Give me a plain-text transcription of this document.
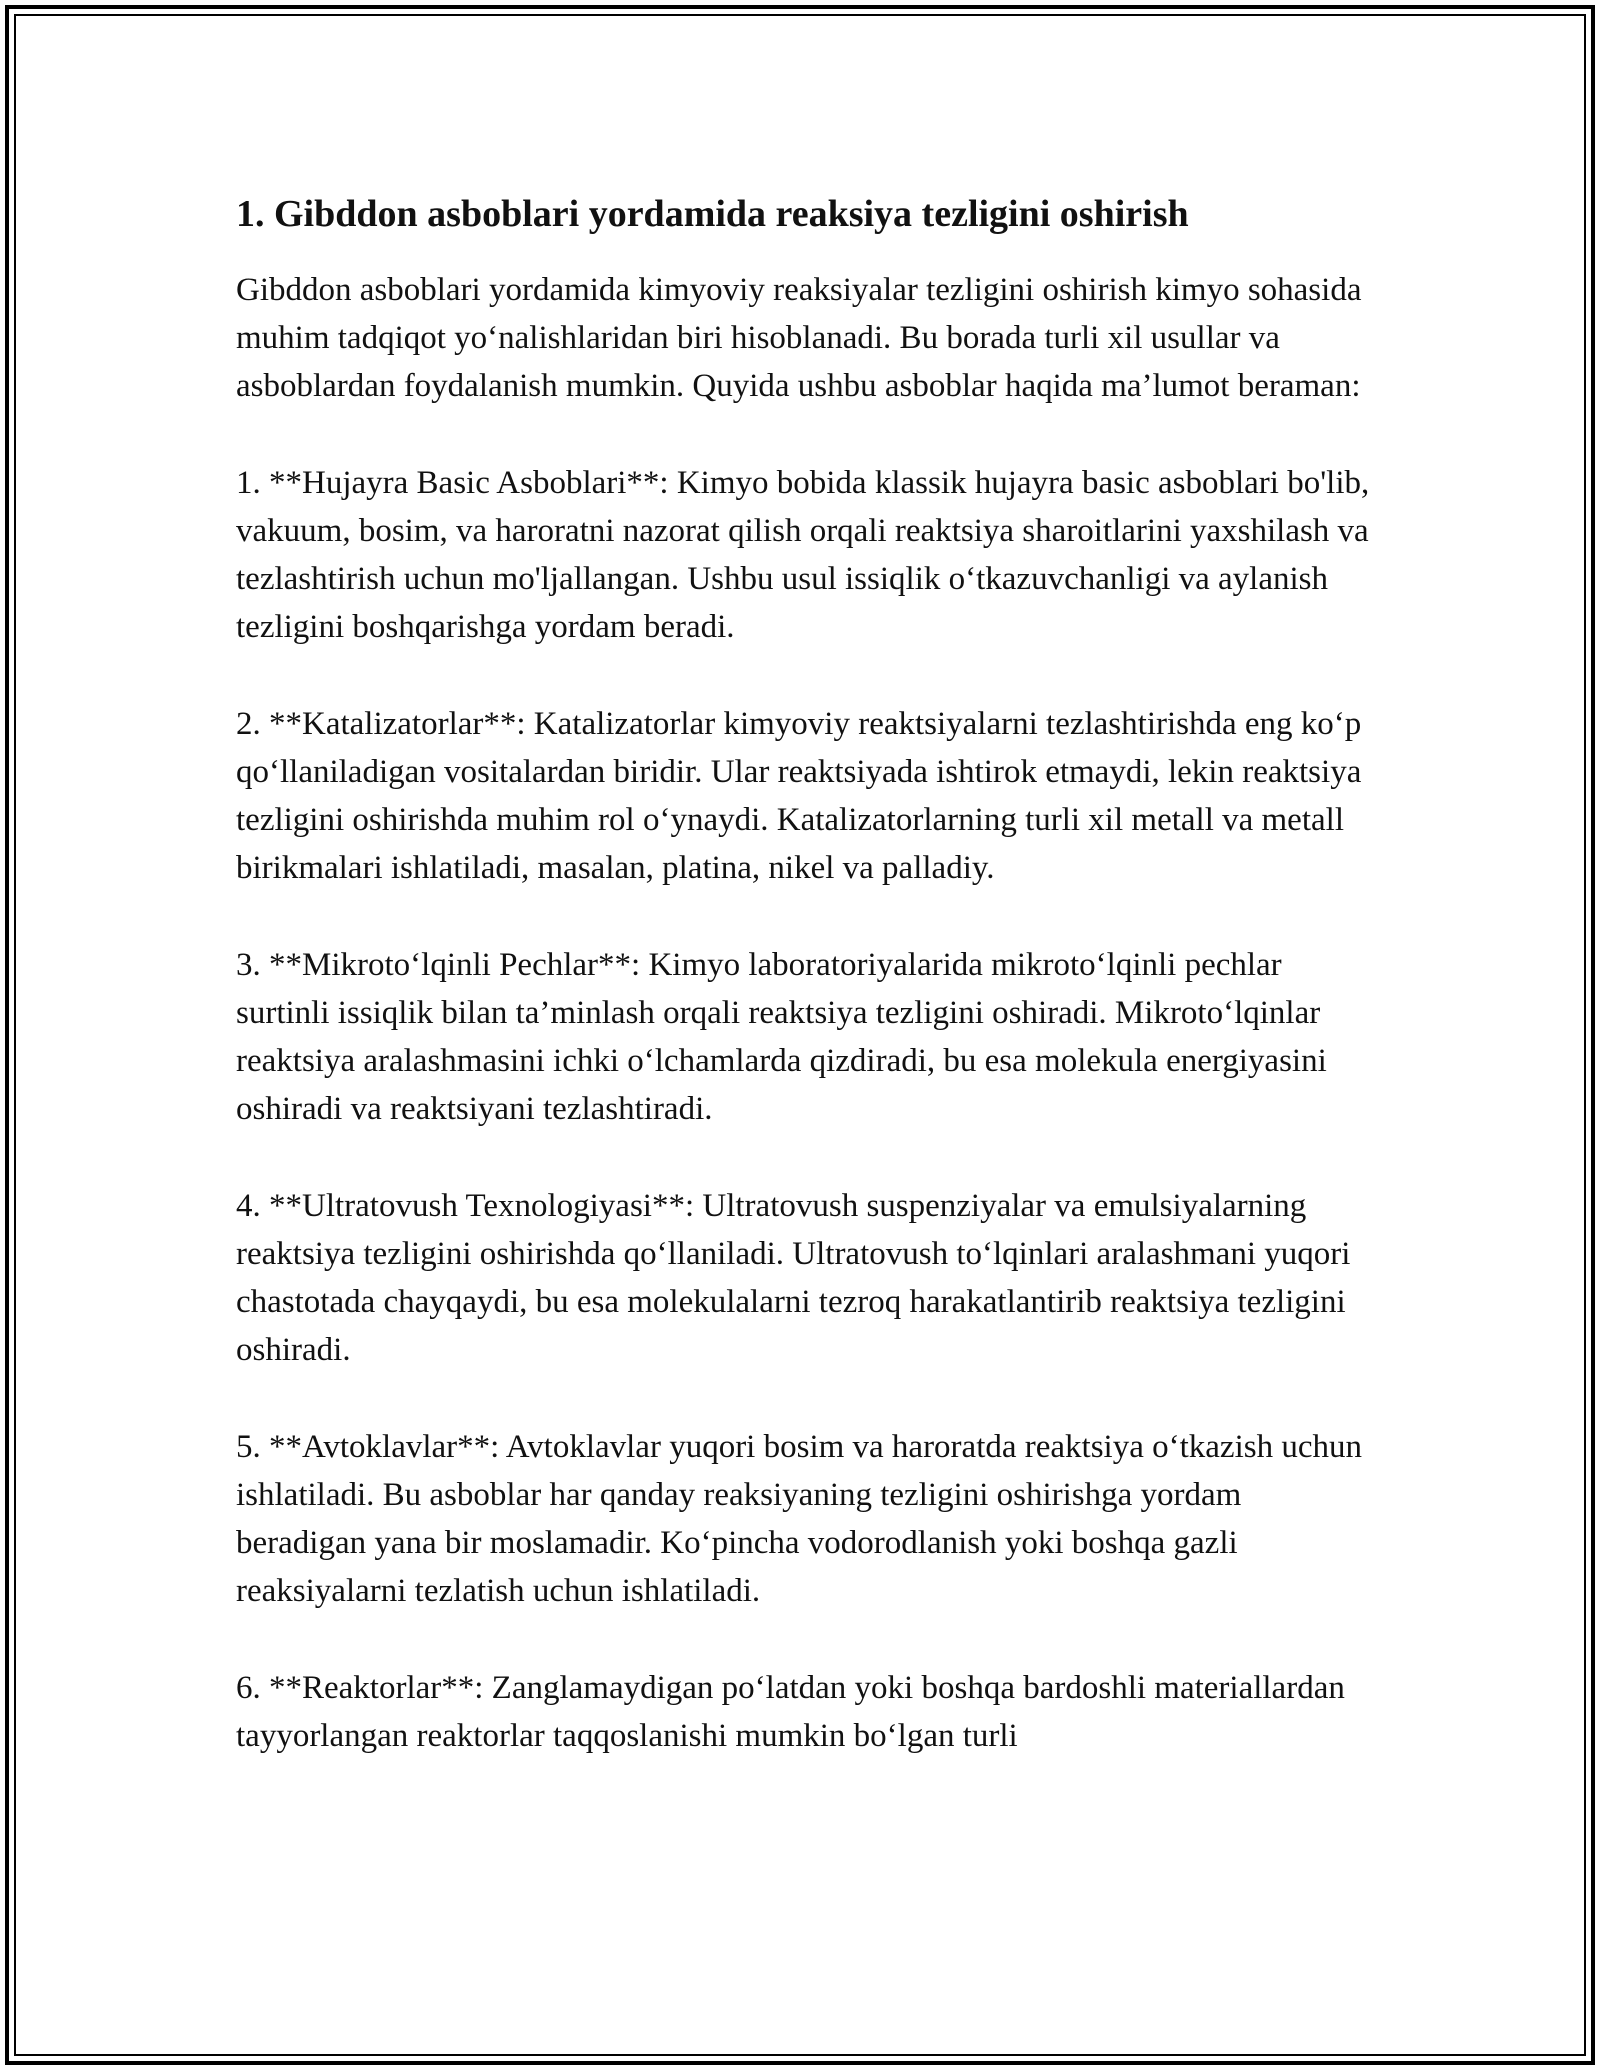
1. Gibddon asboblari yordamida reaksiya tezligini oshirish

Gibddon asboblari yordamida kimyoviy reaksiyalar tezligini oshirish kimyo sohasida muhim tadqiqot yo‘nalishlaridan biri hisoblanadi. Bu borada turli xil usullar va asboblardan foydalanish mumkin. Quyida ushbu asboblar haqida ma’lumot beraman:

1. **Hujayra Basic Asboblari**: Kimyo bobida klassik hujayra basic asboblari bo'lib, vakuum, bosim, va haroratni nazorat qilish orqali reaktsiya sharoitlarini yaxshilash va tezlashtirish uchun mo'ljallangan. Ushbu usul issiqlik o‘tkazuvchanligi va aylanish tezligini boshqarishga yordam beradi.

2. **Katalizatorlar**: Katalizatorlar kimyoviy reaktsiyalarni tezlashtirishda eng ko‘p qo‘llaniladigan vositalardan biridir. Ular reaktsiyada ishtirok etmaydi, lekin reaktsiya tezligini oshirishda muhim rol o‘ynaydi. Katalizatorlarning turli xil metall va metall birikmalari ishlatiladi, masalan, platina, nikel va palladiy.

3. **Mikroto‘lqinli Pechlar**: Kimyo laboratoriyalarida mikroto‘lqinli pechlar surtinli issiqlik bilan ta’minlash orqali reaktsiya tezligini oshiradi. Mikroto‘lqinlar reaktsiya aralashmasini ichki o‘lchamlarda qizdiradi, bu esa molekula energiyasini oshiradi va reaktsiyani tezlashtiradi.

4. **Ultratovush Texnologiyasi**: Ultratovush suspenziyalar va emulsiyalarning reaktsiya tezligini oshirishda qo‘llaniladi. Ultratovush to‘lqinlari aralashmani yuqori chastotada chayqaydi, bu esa molekulalarni tezroq harakatlantirib reaktsiya tezligini oshiradi.

5. **Avtoklavlar**: Avtoklavlar yuqori bosim va haroratda reaktsiya o‘tkazish uchun ishlatiladi. Bu asboblar har qanday reaksiyaning tezligini oshirishga yordam beradigan yana bir moslamadir. Ko‘pincha vodorodlanish yoki boshqa gazli reaksiyalarni tezlatish uchun ishlatiladi.

6. **Reaktorlar**: Zanglamaydigan po‘latdan yoki boshqa bardoshli materiallardan tayyorlangan reaktorlar taqqoslanishi mumkin bo‘lgan turli
